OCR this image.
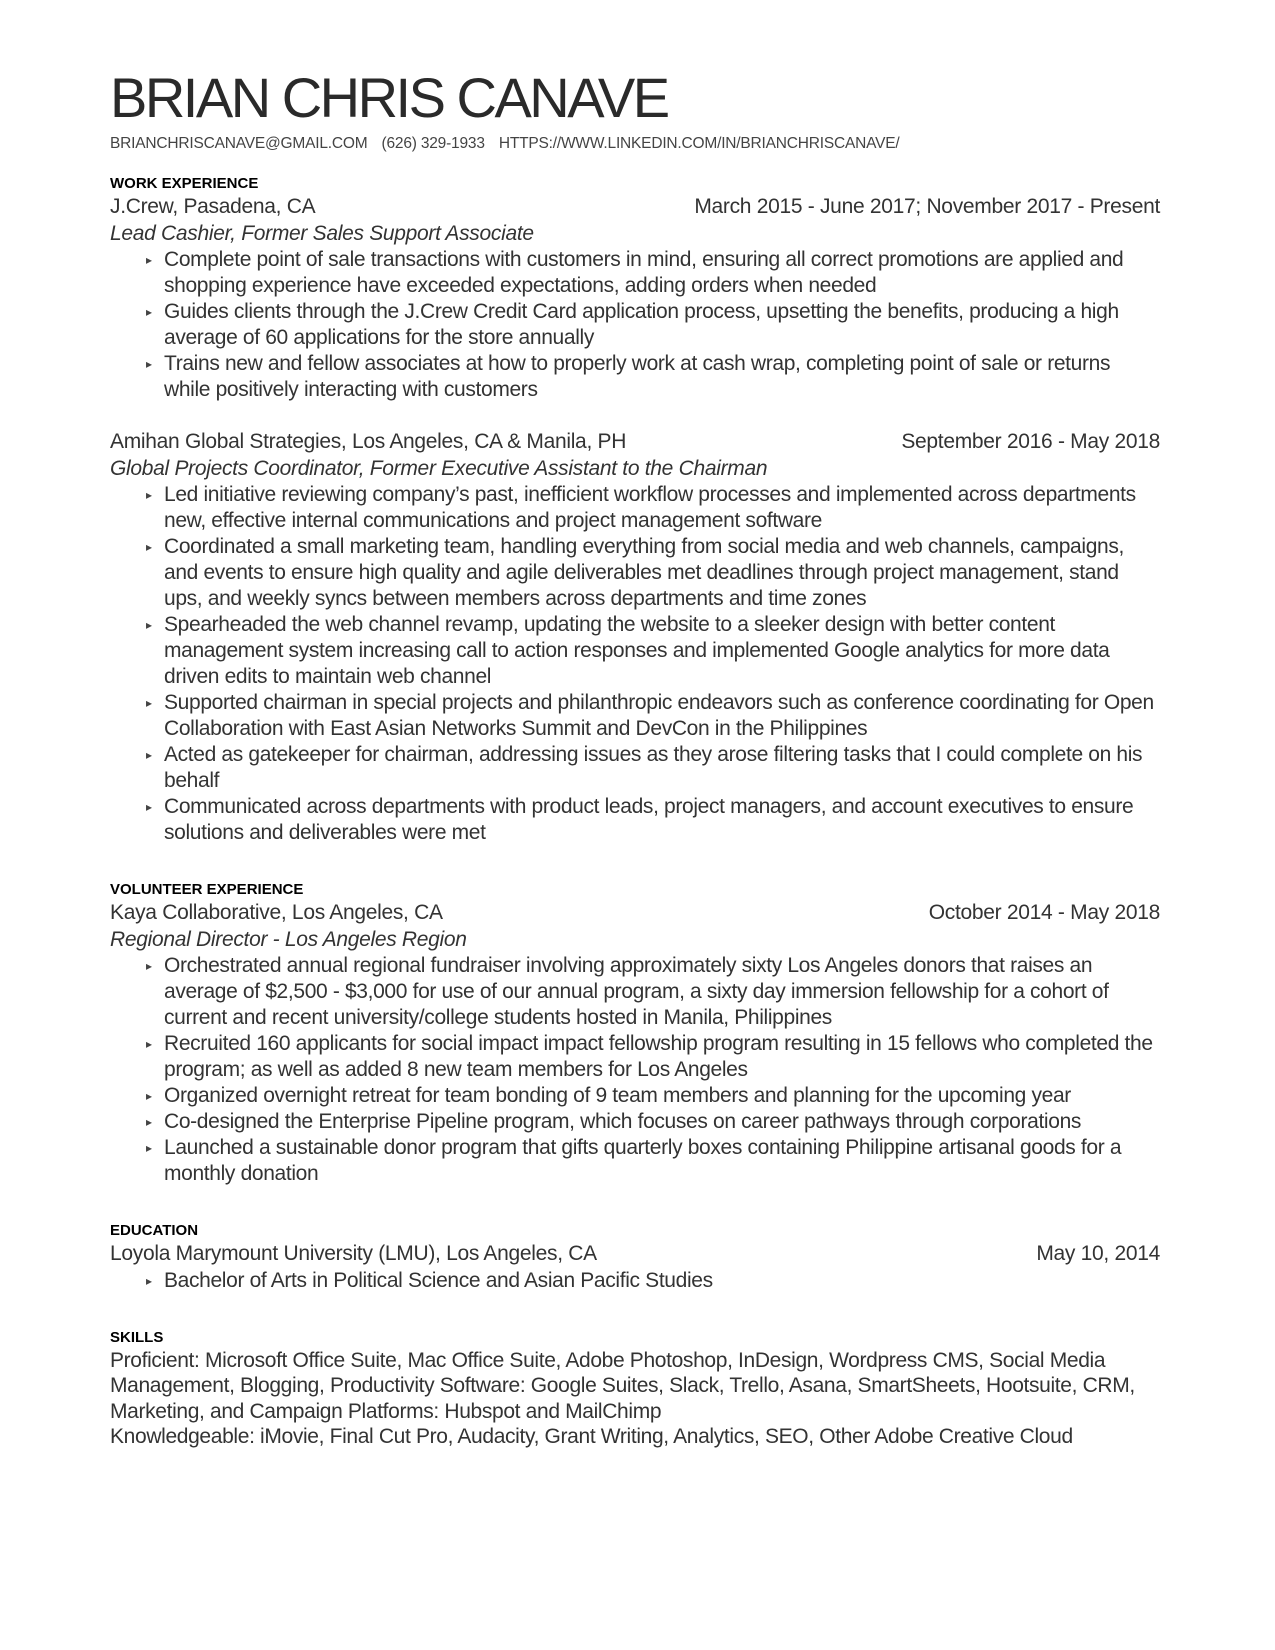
BRIAN CHRIS CANAVE
BRIANCHRISCANAVE@GMAIL.COM (626) 329-1933 HTTPS://WWW.LINKEDIN.COM/IN/BRIANCHRISCANAVE/
WORK EXPERIENCE
J.Crew, Pasadena, CA	March 2015 - June 2017; November 2017 - Present
Lead Cashier, Former Sales Support Associate
▸ Complete point of sale transactions with customers in mind, ensuring all correct promotions are applied and shopping experience have exceeded expectations, adding orders when needed
▸ Guides clients through the J.Crew Credit Card application process, upsetting the benefits, producing a high average of 60 applications for the store annually
▸ Trains new and fellow associates at how to properly work at cash wrap, completing point of sale or returns while positively interacting with customers
Amihan Global Strategies, Los Angeles, CA & Manila, PH	September 2016 - May 2018
Global Projects Coordinator, Former Executive Assistant to the Chairman
▸ Led initiative reviewing company’s past, inefficient workflow processes and implemented across departments new, effective internal communications and project management software
▸ Coordinated a small marketing team, handling everything from social media and web channels, campaigns, and events to ensure high quality and agile deliverables met deadlines through project management, stand ups, and weekly syncs between members across departments and time zones
▸ Spearheaded the web channel revamp, updating the website to a sleeker design with better content management system increasing call to action responses and implemented Google analytics for more data driven edits to maintain web channel
▸ Supported chairman in special projects and philanthropic endeavors such as conference coordinating for Open Collaboration with East Asian Networks Summit and DevCon in the Philippines
▸ Acted as gatekeeper for chairman, addressing issues as they arose filtering tasks that I could complete on his behalf
▸ Communicated across departments with product leads, project managers, and account executives to ensure solutions and deliverables were met
VOLUNTEER EXPERIENCE
Kaya Collaborative, Los Angeles, CA	October 2014 - May 2018
Regional Director - Los Angeles Region
▸ Orchestrated annual regional fundraiser involving approximately sixty Los Angeles donors that raises an average of $2,500 - $3,000 for use of our annual program, a sixty day immersion fellowship for a cohort of current and recent university/college students hosted in Manila, Philippines
▸ Recruited 160 applicants for social impact impact fellowship program resulting in 15 fellows who completed the program; as well as added 8 new team members for Los Angeles
▸ Organized overnight retreat for team bonding of 9 team members and planning for the upcoming year
▸ Co-designed the Enterprise Pipeline program, which focuses on career pathways through corporations
▸ Launched a sustainable donor program that gifts quarterly boxes containing Philippine artisanal goods for a monthly donation
EDUCATION
Loyola Marymount University (LMU), Los Angeles, CA	May 10, 2014
▸ Bachelor of Arts in Political Science and Asian Pacific Studies
SKILLS

Proficient: Microsoft Office Suite, Mac Office Suite, Adobe Photoshop, InDesign, Wordpress CMS, Social Media Management, Blogging, Productivity Software: Google Suites, Slack, Trello, Asana, SmartSheets, Hootsuite, CRM, Marketing, and Campaign Platforms: Hubspot and MailChimp

Knowledgeable: iMovie, Final Cut Pro, Audacity, Grant Writing, Analytics, SEO, Other Adobe Creative Cloud
